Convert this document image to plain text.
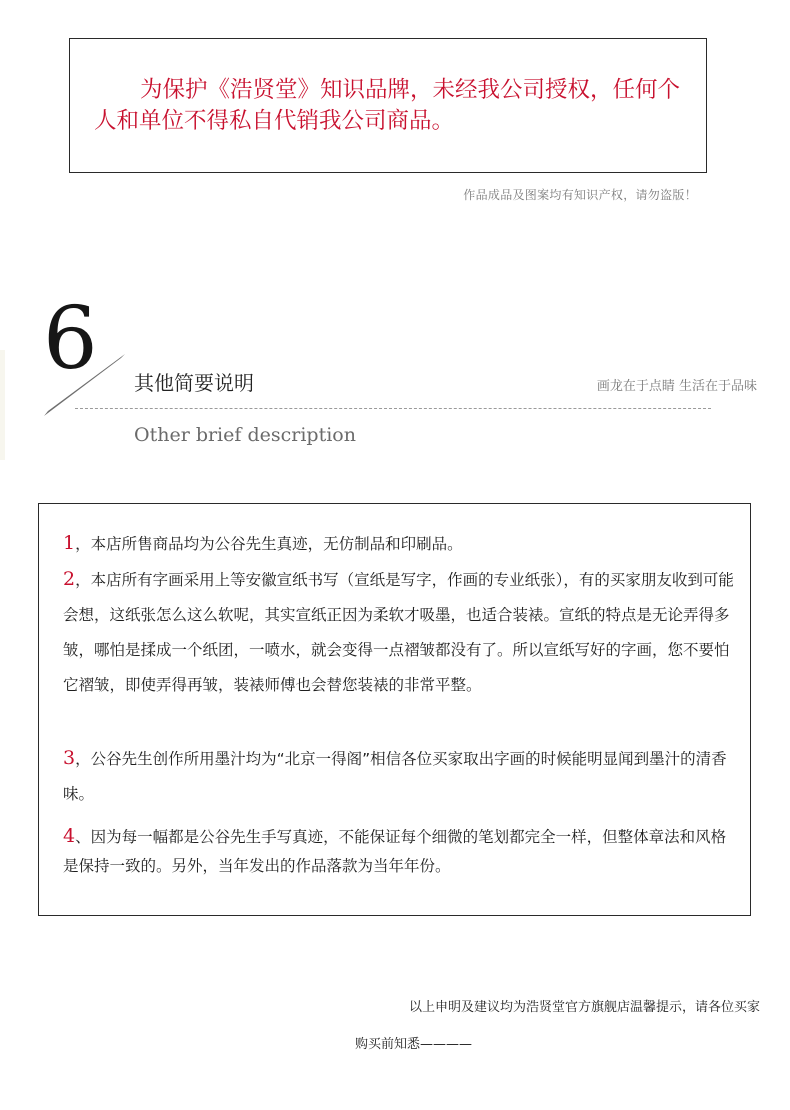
为保护《浩贤堂》知识品牌，未经我公司授权，任何个人和单位不得私自代销我公司商品。

作品成品及图案均有知识产权，请勿盗版！
6 其他简要说明	画龙在于点睛 生活在于品味
Other brief description

1，本店所售商品均为公谷先生真迹，无仿制品和印刷品。

2，本店所有字画采用上等安徽宣纸书写（宣纸是写字，作画的专业纸张），有的买家朋友收到可能会想，这纸张怎么这么软呢，其实宣纸正因为柔软才吸墨，也适合装裱。宣纸的特点是无论弄得多皱，哪怕是揉成一个纸团，一喷水，就会变得一点褶皱都没有了。所以宣纸写好的字画，您不要怕它褶皱，即使弄得再皱，装裱师傅也会替您装裱的非常平整。

3，公谷先生创作所用墨汁均为“北京一得阁”相信各位买家取出字画的时候能明显闻到墨汁的清香味。

4、因为每一幅都是公谷先生手写真迹，不能保证每个细微的笔划都完全一样，但整体章法和风格是保持一致的。另外，当年发出的作品落款为当年年份。

以上申明及建议均为浩贤堂官方旗舰店温馨提示，请各位买家
购买前知悉————
